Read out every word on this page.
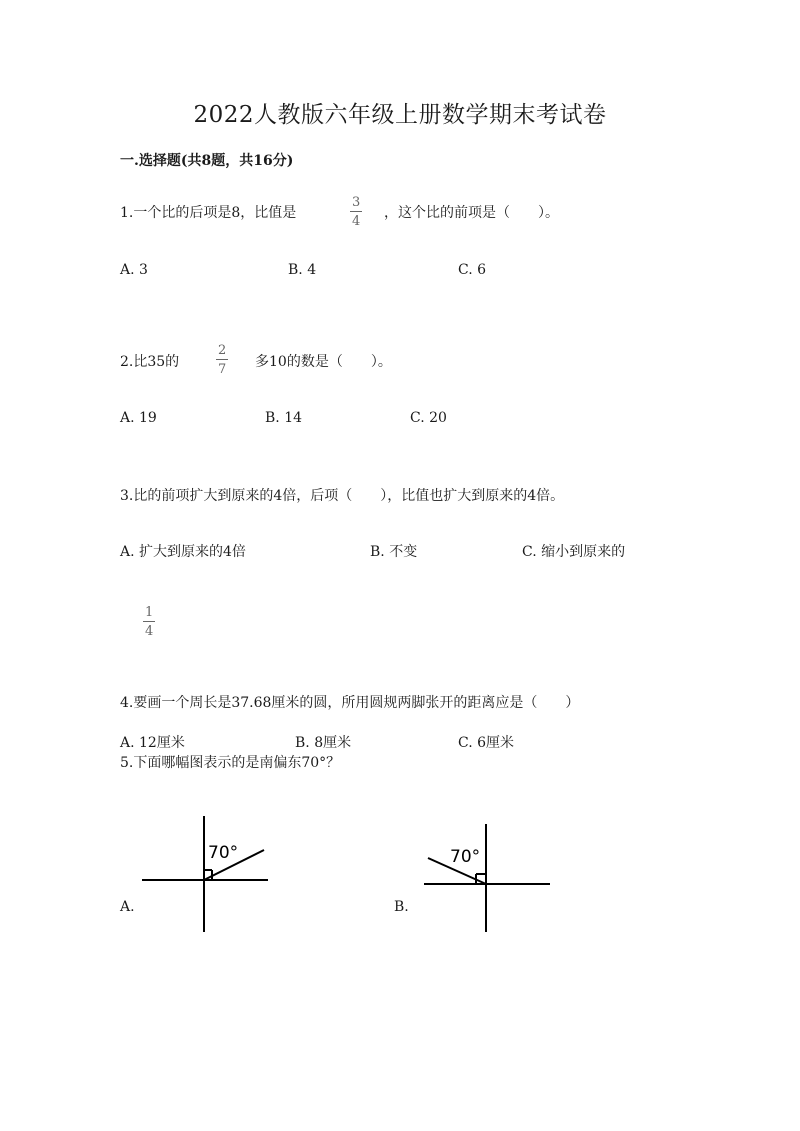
2022人教版六年级上册数学期末考试卷
一.选择题(共8题，共16分)
1.一个比的后项是8，比值是	$\frac{3}{4}$ ，这个比的前项是（　　）。
A. 3	B. 4	C. 6
2.比35的	$\frac{2}{7}$ 多10的数是（　　）。
A. 19	B. 14	C. 20
3.比的前项扩大到原来的4倍，后项（　　），比值也扩大到原来的4倍。
A. 扩大到原来的4倍	B. 不变	C. 缩小到原来的
$\frac{1}{4}$
4.要画一个周长是37.68厘米的圆，所用圆规两脚张开的距离应是（　　）
A. 12厘米	B. 8厘米	C. 6厘米
5.下面哪幅图表示的是南偏东70°？
70°
A.
70°
B.
